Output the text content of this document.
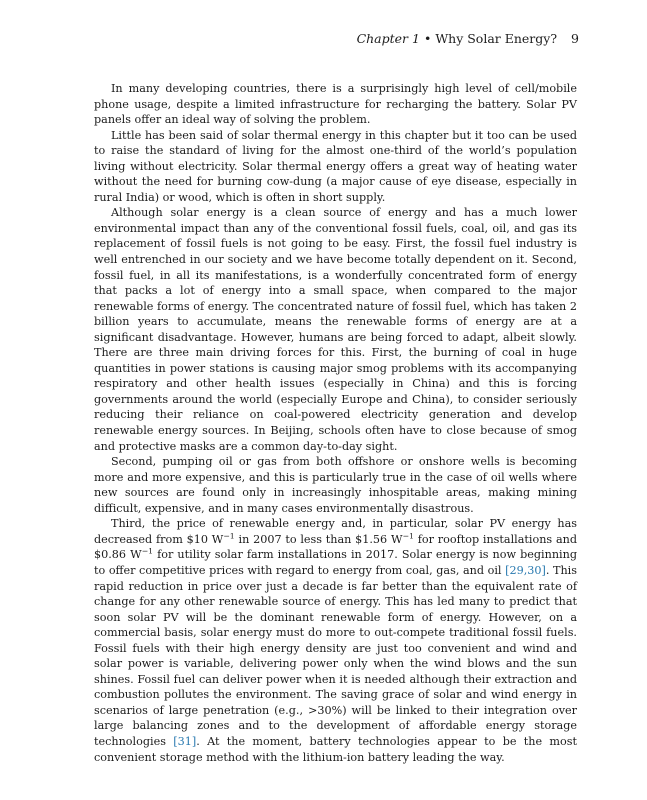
Chapter 1 • Why Solar Energy? 9

In many developing countries, there is a surprisingly high level of cell/mobile phone usage, despite a limited infrastructure for recharging the battery. Solar PV panels offer an ideal way of solving the problem.

Little has been said of solar thermal energy in this chapter but it too can be used to raise the standard of living for the almost one-third of the world’s population living without electricity. Solar thermal energy offers a great way of heating water without the need for burning cow-dung (a major cause of eye disease, especially in rural India) or wood, which is often in short supply.

Although solar energy is a clean source of energy and has a much lower environmental impact than any of the conventional fossil fuels, coal, oil, and gas its replacement of fossil fuels is not going to be easy. First, the fossil fuel industry is well entrenched in our society and we have become totally dependent on it. Second, fossil fuel, in all its manifestations, is a wonderfully concentrated form of energy that packs a lot of energy into a small space, when compared to the major renewable forms of energy. The concentrated nature of fossil fuel, which has taken 2 billion years to accumulate, means the renewable forms of energy are at a significant disadvantage. However, humans are being forced to adapt, albeit slowly. There are three main driving forces for this. First, the burning of coal in huge quantities in power stations is causing major smog problems with its accompanying respiratory and other health issues (especially in China) and this is forcing governments around the world (especially Europe and China), to consider seriously reducing their reliance on coal-powered electricity generation and develop renewable energy sources. In Beijing, schools often have to close because of smog and protective masks are a common day-to-day sight.

Second, pumping oil or gas from both offshore or onshore wells is becoming more and more expensive, and this is particularly true in the case of oil wells where new sources are found only in increasingly inhospitable areas, making mining difficult, expensive, and in many cases environmentally disastrous.

Third, the price of renewable energy and, in particular, solar PV energy has decreased from $10 $W^{-1}$ in 2007 to less than $1.56 $W^{-1}$ for rooftop installations and $0.86 $W^{-1}$ for utility solar farm installations in 2017. Solar energy is now beginning to offer competitive prices with regard to energy from coal, gas, and oil [29,30]. This rapid reduction in price over just a decade is far better than the equivalent rate of change for any other renewable source of energy. This has led many to predict that soon solar PV will be the dominant renewable form of energy. However, on a commercial basis, solar energy must do more to out-compete traditional fossil fuels. Fossil fuels with their high energy density are just too convenient and wind and solar power is variable, delivering power only when the wind blows and the sun shines. Fossil fuel can deliver power when it is needed although their extraction and combustion pollutes the environment. The saving grace of solar and wind energy in scenarios of large penetration (e.g., >30%) will be linked to their integration over large balancing zones and to the development of affordable energy storage technologies [31]. At the moment, battery technologies appear to be the most convenient storage method with the lithium-ion battery leading the way.
